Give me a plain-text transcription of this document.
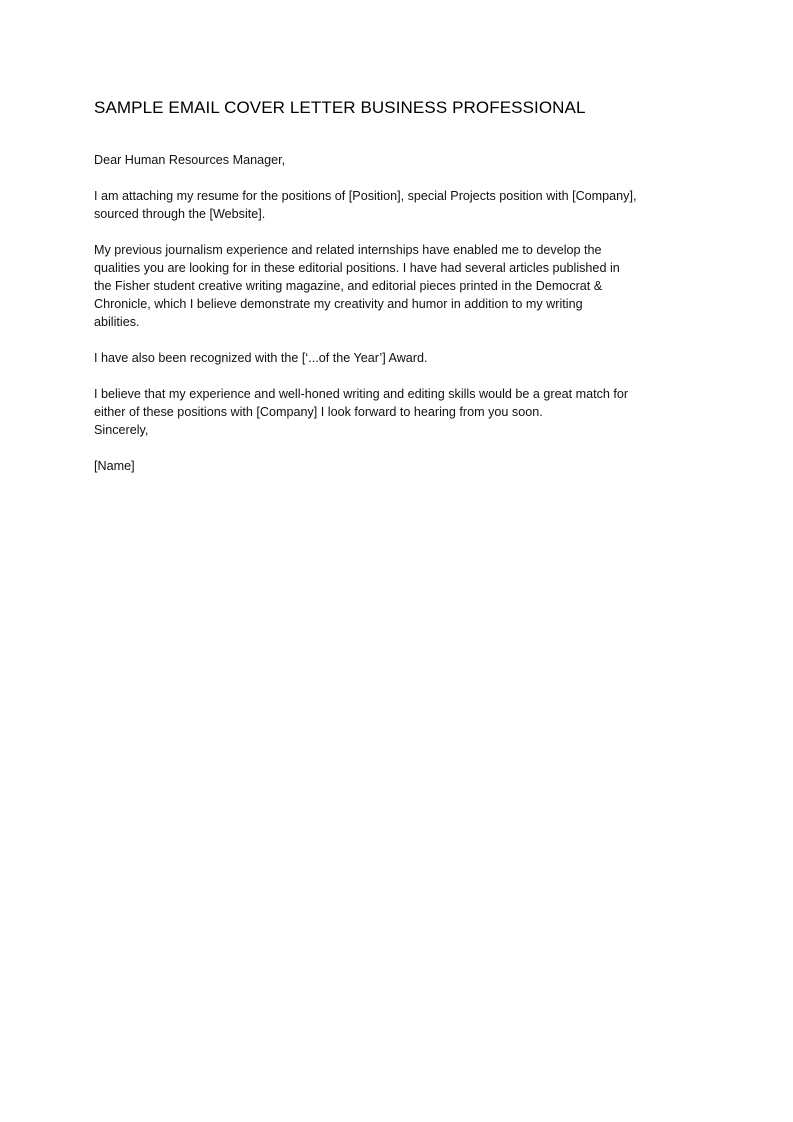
SAMPLE EMAIL COVER LETTER BUSINESS PROFESSIONAL

Dear Human Resources Manager,

I am attaching my resume for the positions of [Position], special Projects position with [Company],
sourced through the [Website].

My previous journalism experience and related internships have enabled me to develop the
qualities you are looking for in these editorial positions. I have had several articles published in
the Fisher student creative writing magazine, and editorial pieces printed in the Democrat &
Chronicle, which I believe demonstrate my creativity and humor in addition to my writing
abilities.

I have also been recognized with the [‘...of the Year’] Award.

I believe that my experience and well-honed writing and editing skills would be a great match for
either of these positions with [Company] I look forward to hearing from you soon.

Sincerely,

[Name]
